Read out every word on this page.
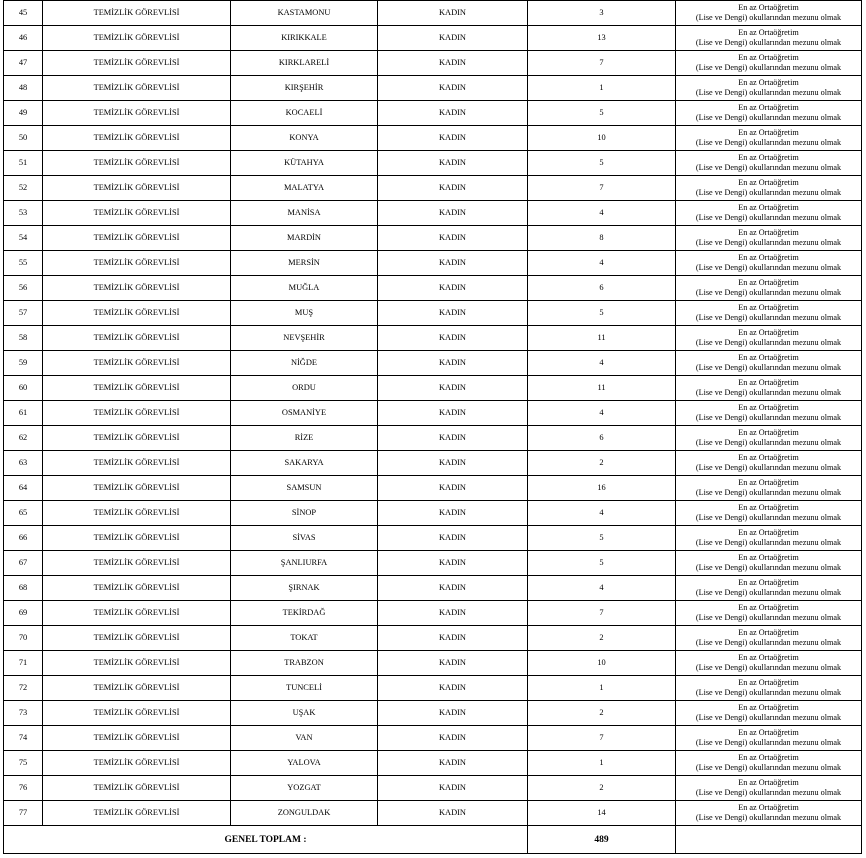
45	TEMİZLİK GÖREVLİSİ	KASTAMONU	KADIN	3	En az Ortaöğretim
(Lise ve Dengi) okullarından mezunu olmak

46	TEMİZLİK GÖREVLİSİ	KIRIKKALE	KADIN	13	En az Ortaöğretim
(Lise ve Dengi) okullarından mezunu olmak

47	TEMİZLİK GÖREVLİSİ	KIRKLARELİ	KADIN	7	En az Ortaöğretim
(Lise ve Dengi) okullarından mezunu olmak

48	TEMİZLİK GÖREVLİSİ	KIRŞEHİR	KADIN	1	En az Ortaöğretim
(Lise ve Dengi) okullarından mezunu olmak

49	TEMİZLİK GÖREVLİSİ	KOCAELİ	KADIN	5	En az Ortaöğretim
(Lise ve Dengi) okullarından mezunu olmak

50	TEMİZLİK GÖREVLİSİ	KONYA	KADIN	10	En az Ortaöğretim
(Lise ve Dengi) okullarından mezunu olmak

51	TEMİZLİK GÖREVLİSİ	KÜTAHYA	KADIN	5	En az Ortaöğretim
(Lise ve Dengi) okullarından mezunu olmak

52	TEMİZLİK GÖREVLİSİ	MALATYA	KADIN	7	En az Ortaöğretim
(Lise ve Dengi) okullarından mezunu olmak

53	TEMİZLİK GÖREVLİSİ	MANİSA	KADIN	4	En az Ortaöğretim
(Lise ve Dengi) okullarından mezunu olmak

54	TEMİZLİK GÖREVLİSİ	MARDİN	KADIN	8	En az Ortaöğretim
(Lise ve Dengi) okullarından mezunu olmak

55	TEMİZLİK GÖREVLİSİ	MERSİN	KADIN	4	En az Ortaöğretim
(Lise ve Dengi) okullarından mezunu olmak

56	TEMİZLİK GÖREVLİSİ	MUĞLA	KADIN	6	En az Ortaöğretim
(Lise ve Dengi) okullarından mezunu olmak

57	TEMİZLİK GÖREVLİSİ	MUŞ	KADIN	5	En az Ortaöğretim
(Lise ve Dengi) okullarından mezunu olmak

58	TEMİZLİK GÖREVLİSİ	NEVŞEHİR	KADIN	11	En az Ortaöğretim
(Lise ve Dengi) okullarından mezunu olmak

59	TEMİZLİK GÖREVLİSİ	NİĞDE	KADIN	4	En az Ortaöğretim
(Lise ve Dengi) okullarından mezunu olmak

60	TEMİZLİK GÖREVLİSİ	ORDU	KADIN	11	En az Ortaöğretim
(Lise ve Dengi) okullarından mezunu olmak

61	TEMİZLİK GÖREVLİSİ	OSMANİYE	KADIN	4	En az Ortaöğretim
(Lise ve Dengi) okullarından mezunu olmak

62	TEMİZLİK GÖREVLİSİ	RİZE	KADIN	6	En az Ortaöğretim
(Lise ve Dengi) okullarından mezunu olmak

63	TEMİZLİK GÖREVLİSİ	SAKARYA	KADIN	2	En az Ortaöğretim
(Lise ve Dengi) okullarından mezunu olmak

64	TEMİZLİK GÖREVLİSİ	SAMSUN	KADIN	16	En az Ortaöğretim
(Lise ve Dengi) okullarından mezunu olmak

65	TEMİZLİK GÖREVLİSİ	SİNOP	KADIN	4	En az Ortaöğretim
(Lise ve Dengi) okullarından mezunu olmak

66	TEMİZLİK GÖREVLİSİ	SİVAS	KADIN	5	En az Ortaöğretim
(Lise ve Dengi) okullarından mezunu olmak

67	TEMİZLİK GÖREVLİSİ	ŞANLIURFA	KADIN	5	En az Ortaöğretim
(Lise ve Dengi) okullarından mezunu olmak

68	TEMİZLİK GÖREVLİSİ	ŞIRNAK	KADIN	4	En az Ortaöğretim
(Lise ve Dengi) okullarından mezunu olmak

69	TEMİZLİK GÖREVLİSİ	TEKİRDAĞ	KADIN	7	En az Ortaöğretim
(Lise ve Dengi) okullarından mezunu olmak

70	TEMİZLİK GÖREVLİSİ	TOKAT	KADIN	2	En az Ortaöğretim
(Lise ve Dengi) okullarından mezunu olmak

71	TEMİZLİK GÖREVLİSİ	TRABZON	KADIN	10	En az Ortaöğretim
(Lise ve Dengi) okullarından mezunu olmak

72	TEMİZLİK GÖREVLİSİ	TUNCELİ	KADIN	1	En az Ortaöğretim
(Lise ve Dengi) okullarından mezunu olmak

73	TEMİZLİK GÖREVLİSİ	UŞAK	KADIN	2	En az Ortaöğretim
(Lise ve Dengi) okullarından mezunu olmak

74	TEMİZLİK GÖREVLİSİ	VAN	KADIN	7	En az Ortaöğretim
(Lise ve Dengi) okullarından mezunu olmak

75	TEMİZLİK GÖREVLİSİ	YALOVA	KADIN	1	En az Ortaöğretim
(Lise ve Dengi) okullarından mezunu olmak

76	TEMİZLİK GÖREVLİSİ	YOZGAT	KADIN	2	En az Ortaöğretim
(Lise ve Dengi) okullarından mezunu olmak

77	TEMİZLİK GÖREVLİSİ	ZONGULDAK	KADIN	14	En az Ortaöğretim
(Lise ve Dengi) okullarından mezunu olmak

GENEL TOPLAM :				489	
